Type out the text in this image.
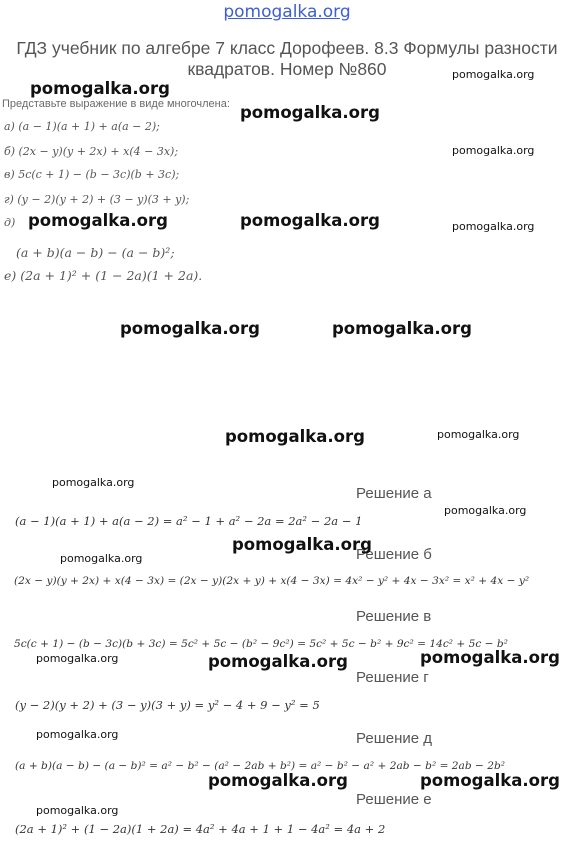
pomogalka.org
ГДЗ учебник по алгебре 7 класс Дорофеев. 8.3 Формулы разности квадратов. Номер №860
Представьте выражение в виде многочлена:
а) (a − 1)(a + 1) + a(a − 2);
б) (2x − y)(y + 2x) + x(4 − 3x);
в) 5c(c + 1) − (b − 3c)(b + 3c);
г) (y − 2)(y + 2) + (3 − y)(3 + y);
д)
(a + b)(a − b) − (a − b)²;
е) (2a + 1)² + (1 − 2a)(1 + 2a).
Решение а
(a − 1)(a + 1) + a(a − 2) = a² − 1 + a² − 2a = 2a² − 2a − 1
Решение б
(2x − y)(y + 2x) + x(4 − 3x) = (2x − y)(2x + y) + x(4 − 3x) = 4x² − y² + 4x − 3x² = x² + 4x − y²
Решение в
5c(c + 1) − (b − 3c)(b + 3c) = 5c² + 5c − (b² − 9c²) = 5c² + 5c − b² + 9c² = 14c² + 5c − b²
Решение г
(y − 2)(y + 2) + (3 − y)(3 + y) = y² − 4 + 9 − y² = 5
Решение д
(a + b)(a − b) − (a − b)² = a² − b² − (a² − 2ab + b²) = a² − b² − a² + 2ab − b² = 2ab − 2b²
Решение е
(2a + 1)² + (1 − 2a)(1 + 2a) = 4a² + 4a + 1 + 1 − 4a² = 4a + 2
pomogalka.org
pomogalka.org
pomogalka.org
pomogalka.org
pomogalka.org	pomogalka.org	pomogalka.org
pomogalka.org	pomogalka.org
pomogalka.org	pomogalka.org
pomogalka.org
pomogalka.org
pomogalka.org
pomogalka.org
pomogalka.org	pomogalka.org	pomogalka.org
pomogalka.org
pomogalka.org	pomogalka.org
pomogalka.org
